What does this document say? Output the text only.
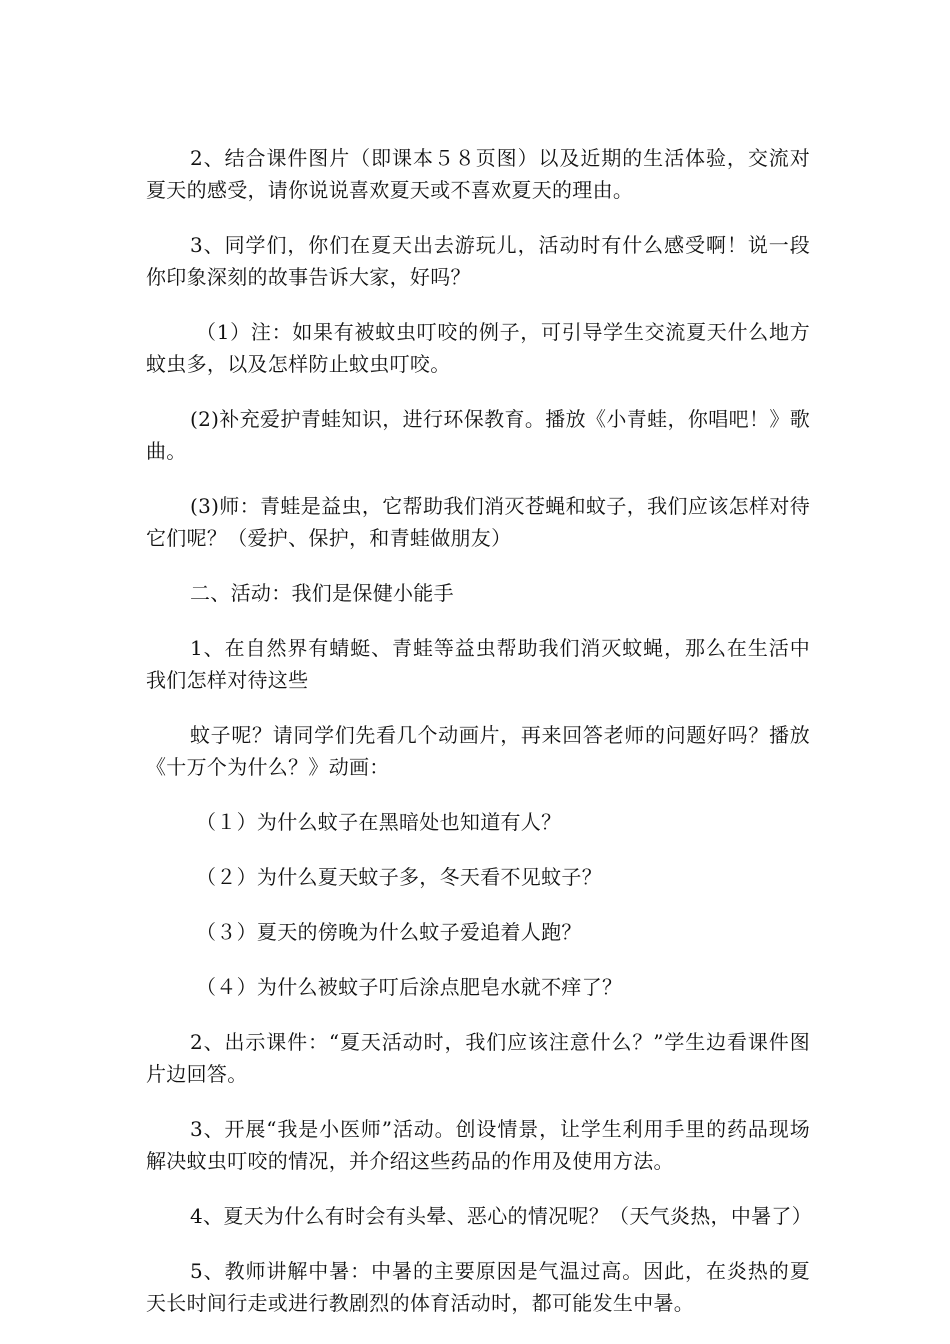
2、结合课件图片（即课本５８页图）以及近期的生活体验，交流对夏天的感受，请你说说喜欢夏天或不喜欢夏天的理由。

3、同学们，你们在夏天出去游玩儿，活动时有什么感受啊！说一段你印象深刻的故事告诉大家，好吗？

（1）注：如果有被蚊虫叮咬的例子，可引导学生交流夏天什么地方蚊虫多，以及怎样防止蚊虫叮咬。

(2)补充爱护青蛙知识，进行环保教育。播放《小青蛙，你唱吧！》歌曲。

(3)师：青蛙是益虫，它帮助我们消灭苍蝇和蚊子，我们应该怎样对待它们呢？（爱护、保护，和青蛙做朋友）

二、活动：我们是保健小能手

1、在自然界有蜻蜓、青蛙等益虫帮助我们消灭蚊蝇，那么在生活中我们怎样对待这些

蚊子呢？请同学们先看几个动画片，再来回答老师的问题好吗？播放《十万个为什么？》动画：

（１）为什么蚊子在黑暗处也知道有人？

（２）为什么夏天蚊子多，冬天看不见蚊子？

（３）夏天的傍晚为什么蚊子爱追着人跑？

（４）为什么被蚊子叮后涂点肥皂水就不痒了？

2、出示课件：“夏天活动时，我们应该注意什么？”学生边看课件图片边回答。

3、开展“我是小医师”活动。创设情景，让学生利用手里的药品现场解决蚊虫叮咬的情况，并介绍这些药品的作用及使用方法。

4、夏天为什么有时会有头晕、恶心的情况呢？（天气炎热，中暑了）

5、教师讲解中暑：中暑的主要原因是气温过高。因此，在炎热的夏天长时间行走或进行教剧烈的体育活动时，都可能发生中暑。
